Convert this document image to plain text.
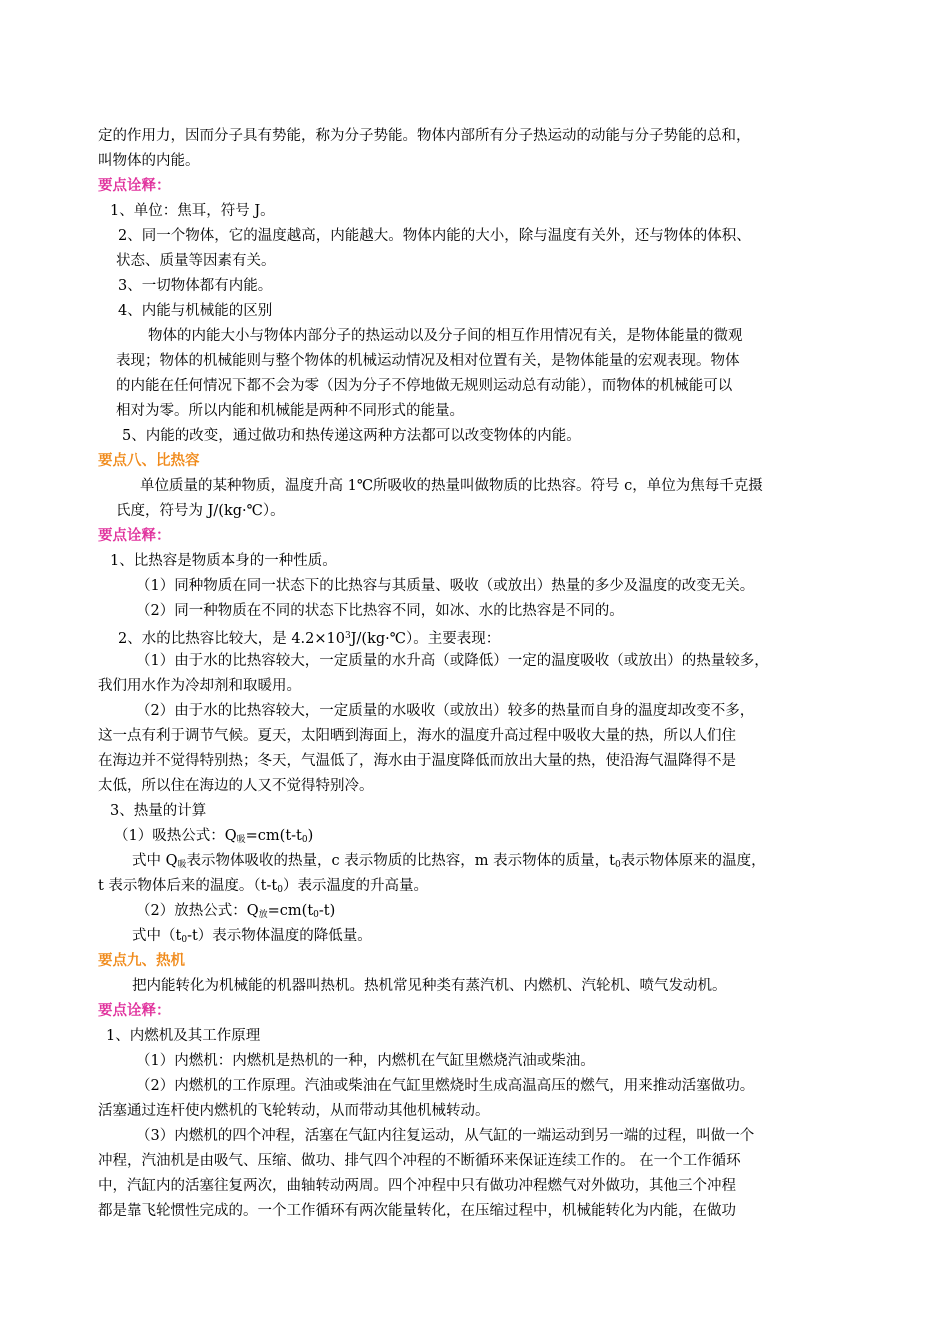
定的作用力，因而分子具有势能，称为分子势能。物体内部所有分子热运动的动能与分子势能的总和，
叫物体的内能。
要点诠释：
1、单位：焦耳，符号 J。
2、同一个物体，它的温度越高，内能越大。物体内能的大小，除与温度有关外，还与物体的体积、
状态、质量等因素有关。
3、一切物体都有内能。
4、内能与机械能的区别
物体的内能大小与物体内部分子的热运动以及分子间的相互作用情况有关，是物体能量的微观
表现；物体的机械能则与整个物体的机械运动情况及相对位置有关，是物体能量的宏观表现。物体
的内能在任何情况下都不会为零（因为分子不停地做无规则运动总有动能），而物体的机械能可以
相对为零。所以内能和机械能是两种不同形式的能量。
5、内能的改变，通过做功和热传递这两种方法都可以改变物体的内能。
要点八、比热容
单位质量的某种物质，温度升高 1℃所吸收的热量叫做物质的比热容。符号 c，单位为焦每千克摄
氏度，符号为 J/(kg·℃）。
要点诠释：
1、比热容是物质本身的一种性质。
（1）同种物质在同一状态下的比热容与其质量、吸收（或放出）热量的多少及温度的改变无关。
（2）同一种物质在不同的状态下比热容不同，如冰、水的比热容是不同的。
2、水的比热容比较大，是 $4.2\times 10^3J/(kg\cdot℃)$。主要表现：
（1）由于水的比热容较大，一定质量的水升高（或降低）一定的温度吸收（或放出）的热量较多，
我们用水作为冷却剂和取暖用。
（2）由于水的比热容较大，一定质量的水吸收（或放出）较多的热量而自身的温度却改变不多，
这一点有利于调节气候。夏天，太阳晒到海面上，海水的温度升高过程中吸收大量的热，所以人们住
在海边并不觉得特别热；冬天，气温低了，海水由于温度降低而放出大量的热，使沿海气温降得不是
太低，所以住在海边的人又不觉得特别冷。
3、热量的计算
（1）吸热公式：$Q_吸=cm(t-t_0)$
式中 $Q_吸$表示物体吸收的热量，c 表示物质的比热容，m 表示物体的质量，$t_0$表示物体原来的温度，
t 表示物体后来的温度。$(t-t_0)$表示温度的升高量。
（2）放热公式：$Q_放=cm(t_0-t)$
式中$(t_0-t)$表示物体温度的降低量。
要点九、热机
把内能转化为机械能的机器叫热机。热机常见种类有蒸汽机、内燃机、汽轮机、喷气发动机。
要点诠释：
1、内燃机及其工作原理
（1）内燃机：内燃机是热机的一种，内燃机在气缸里燃烧汽油或柴油。
（2）内燃机的工作原理。汽油或柴油在气缸里燃烧时生成高温高压的燃气，用来推动活塞做功。
活塞通过连杆使内燃机的飞轮转动，从而带动其他机械转动。
（3）内燃机的四个冲程，活塞在气缸内往复运动，从气缸的一端运动到另一端的过程，叫做一个
冲程，汽油机是由吸气、压缩、做功、排气四个冲程的不断循环来保证连续工作的。 在一个工作循环
中，汽缸内的活塞往复两次，曲轴转动两周。四个冲程中只有做功冲程燃气对外做功，其他三个冲程
都是靠飞轮惯性完成的。一个工作循环有两次能量转化，在压缩过程中，机械能转化为内能，在做功
